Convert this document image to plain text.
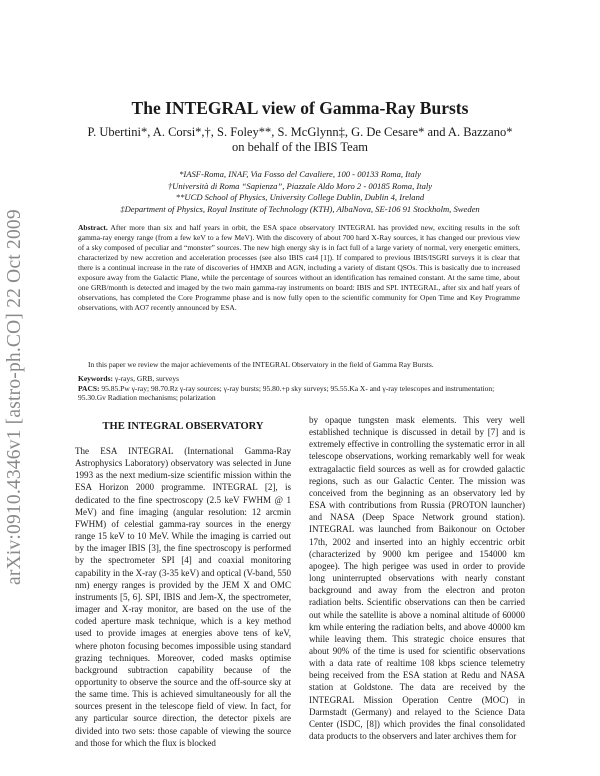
arXiv:0910.4346v1 [astro-ph.CO] 22 Oct 2009
The INTEGRAL view of Gamma-Ray Bursts
P. Ubertini*, A. Corsi*,†, S. Foley**, S. McGlynn‡, G. De Cesare* and A. Bazzano*
on behalf of the IBIS Team
*IASF-Roma, INAF, Via Fosso del Cavaliere, 100 - 00133 Roma, Italy
†Università di Roma “Sapienza”, Piazzale Aldo Moro 2 - 00185 Roma, Italy
**UCD School of Physics, University College Dublin, Dublin 4, Ireland
‡Department of Physics, Royal Institute of Technology (KTH), AlbaNova, SE-106 91 Stockholm, Sweden

Abstract. After more than six and half years in orbit, the ESA space observatory INTEGRAL has provided new, exciting results in the soft gamma-ray energy range (from a few keV to a few MeV). With the discovery of about 700 hard X-Ray sources, it has changed our previous view of a sky composed of peculiar and “monster” sources. The new high energy sky is in fact full of a large variety of normal, very energetic emitters, characterized by new accretion and acceleration processes (see also IBIS cat4 [1]). If compared to previous IBIS/ISGRI surveys it is clear that there is a continual increase in the rate of discoveries of HMXB and AGN, including a variety of distant QSOs. This is basically due to increased exposure away from the Galactic Plane, while the percentage of sources without an identification has remained constant. At the same time, about one GRB/month is detected and imaged by the two main gamma-ray instruments on board: IBIS and SPI. INTEGRAL, after six and half years of observations, has completed the Core Programme phase and is now fully open to the scientific community for Open Time and Key Programme observations, with AO7 recently announced by ESA.

In this paper we review the major achievements of the INTEGRAL Observatory in the field of Gamma Ray Bursts.

Keywords: γ-rays, GRB, surveys
PACS: 95.85.Pw γ-ray; 98.70.Rz γ-ray sources; γ-ray bursts; 95.80.+p sky surveys; 95.55.Ka X- and γ-ray telescopes and instrumentation; 95.30.Gv Radiation mechanisms; polarization
THE INTEGRAL OBSERVATORY

The ESA INTEGRAL (International Gamma-Ray Astrophysics Laboratory) observatory was selected in June 1993 as the next medium-size scientific mission within the ESA Horizon 2000 programme. INTEGRAL [2], is dedicated to the fine spectroscopy (2.5 keV FWHM @ 1 MeV) and fine imaging (angular resolution: 12 arcmin FWHM) of celestial gamma-ray sources in the energy range 15 keV to 10 MeV. While the imaging is carried out by the imager IBIS [3], the fine spectroscopy is performed by the spectrometer SPI [4] and coaxial monitoring capability in the X-ray (3-35 keV) and optical (V-band, 550 nm) energy ranges is provided by the JEM X and OMC instruments [5, 6]. SPI, IBIS and Jem-X, the spectrometer, imager and X-ray monitor, are based on the use of the coded aperture mask technique, which is a key method used to provide images at energies above tens of keV, where photon focusing becomes impossible using standard grazing techniques. Moreover, coded masks optimise background subtraction capability because of the opportunity to observe the source and the off-source sky at the same time. This is achieved simultaneously for all the sources present in the telescope field of view. In fact, for any particular source direction, the detector pixels are divided into two sets: those capable of viewing the source and those for which the flux is blocked

by opaque tungsten mask elements. This very well established technique is discussed in detail by [7] and is extremely effective in controlling the systematic error in all telescope observations, working remarkably well for weak extragalactic field sources as well as for crowded galactic regions, such as our Galactic Center. The mission was conceived from the beginning as an observatory led by ESA with contributions from Russia (PROTON launcher) and NASA (Deep Space Network ground station). INTEGRAL was launched from Baikonour on October 17th, 2002 and inserted into an highly eccentric orbit (characterized by 9000 km perigee and 154000 km apogee). The high perigee was used in order to provide long uninterrupted observations with nearly constant background and away from the electron and proton radiation belts. Scientific observations can then be carried out while the satellite is above a nominal altitude of 60000 km while entering the radiation belts, and above 40000 km while leaving them. This strategic choice ensures that about 90% of the time is used for scientific observations with a data rate of realtime 108 kbps science telemetry being received from the ESA station at Redu and NASA station at Goldstone. The data are received by the INTEGRAL Mission Operation Centre (MOC) in Darmstadt (Germany) and relayed to the Science Data Center (ISDC, [8]) which provides the final consolidated data products to the observers and later archives them for
